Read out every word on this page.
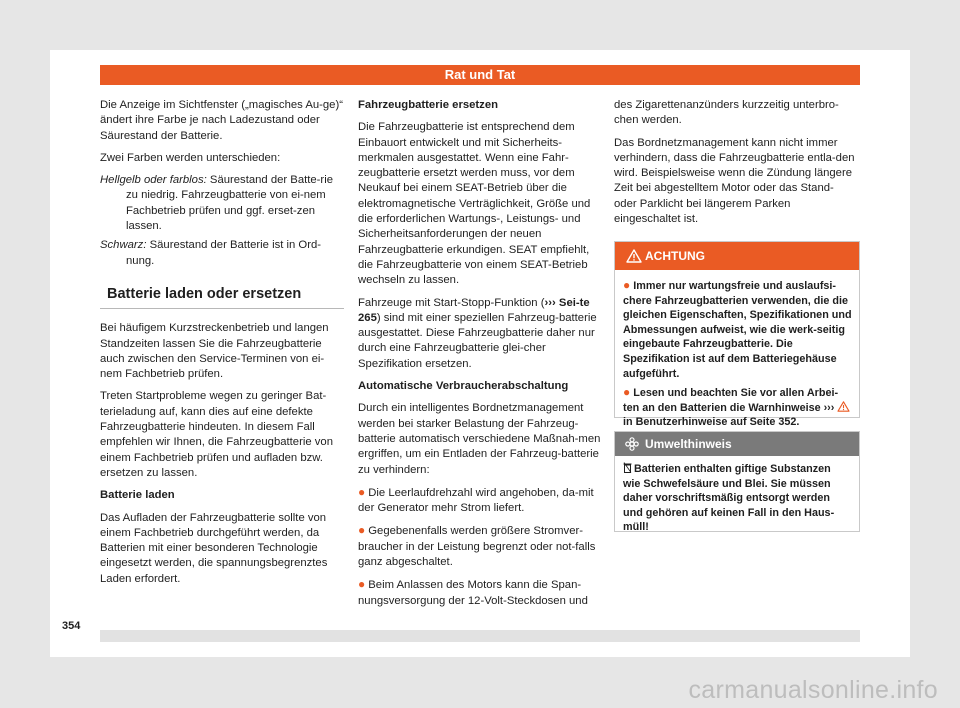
Rat und Tat

Die Anzeige im Sichtfenster („magisches Au-ge)“ ändert ihre Farbe je nach Ladezustand oder Säurestand der Batterie.

Zwei Farben werden unterschieden:

Hellgelb oder farblos: Säurestand der Batte-rie zu niedrig. Fahrzeugbatterie von ei-nem Fachbetrieb prüfen und ggf. erset-zen lassen.

Schwarz: Säurestand der Batterie ist in Ord-nung.

Batterie laden oder ersetzen

Bei häufigem Kurzstreckenbetrieb und langen Standzeiten lassen Sie die Fahrzeugbatterie auch zwischen den Service-Terminen von ei-nem Fachbetrieb prüfen.

Treten Startprobleme wegen zu geringer Bat-terieladung auf, kann dies auf eine defekte Fahrzeugbatterie hindeuten. In diesem Fall empfehlen wir Ihnen, die Fahrzeugbatterie von einem Fachbetrieb prüfen und aufladen bzw. ersetzen zu lassen.

Batterie laden

Das Aufladen der Fahrzeugbatterie sollte von einem Fachbetrieb durchgeführt werden, da Batterien mit einer besonderen Technologie eingesetzt werden, die spannungsbegrenztes Laden erfordert.

Fahrzeugbatterie ersetzen

Die Fahrzeugbatterie ist entsprechend dem Einbauort entwickelt und mit Sicherheits-merkmalen ausgestattet. Wenn eine Fahr-zeugbatterie ersetzt werden muss, vor dem Neukauf bei einem SEAT-Betrieb über die elektromagnetische Verträglichkeit, Größe und die erforderlichen Wartungs-, Leistungs- und Sicherheitsanforderungen der neuen Fahrzeugbatterie erkundigen. SEAT empfiehlt, die Fahrzeugbatterie von einem SEAT-Betrieb wechseln zu lassen.

Fahrzeuge mit Start-Stopp-Funktion (››› Sei-te 265) sind mit einer speziellen Fahrzeug-batterie ausgestattet. Diese Fahrzeugbatterie daher nur durch eine Fahrzeugbatterie glei-cher Spezifikation ersetzen.

Automatische Verbraucherabschaltung

Durch ein intelligentes Bordnetzmanagement werden bei starker Belastung der Fahrzeug-batterie automatisch verschiedene Maßnah-men ergriffen, um ein Entladen der Fahrzeug-batterie zu verhindern:

● Die Leerlaufdrehzahl wird angehoben, da-mit der Generator mehr Strom liefert.

● Gegebenenfalls werden größere Stromver-braucher in der Leistung begrenzt oder not-falls ganz abgeschaltet.

● Beim Anlassen des Motors kann die Span-nungsversorgung der 12-Volt-Steckdosen und

des Zigarettenanzünders kurzzeitig unterbro-chen werden.

Das Bordnetzmanagement kann nicht immer verhindern, dass die Fahrzeugbatterie entla-den wird. Beispielsweise wenn die Zündung längere Zeit bei abgestelltem Motor oder das Stand- oder Parklicht bei längerem Parken eingeschaltet ist.

ACHTUNG

● Immer nur wartungsfreie und auslaufsi-chere Fahrzeugbatterien verwenden, die die gleichen Eigenschaften, Spezifikationen und Abmessungen aufweist, wie die werk-seitig eingebaute Fahrzeugbatterie. Die Spezifikation ist auf dem Batteriegehäuse aufgeführt.

● Lesen und beachten Sie vor allen Arbei-ten an den Batterien die Warnhinweise ›››
in Benutzerhinweise auf Seite 352.

Umwelthinweis
Batterien enthalten giftige Substanzen wie Schwefelsäure und Blei. Sie müssen daher vorschriftsmäßig entsorgt werden und gehören auf keinen Fall in den Haus-müll!
354
carmanualsonline.info
